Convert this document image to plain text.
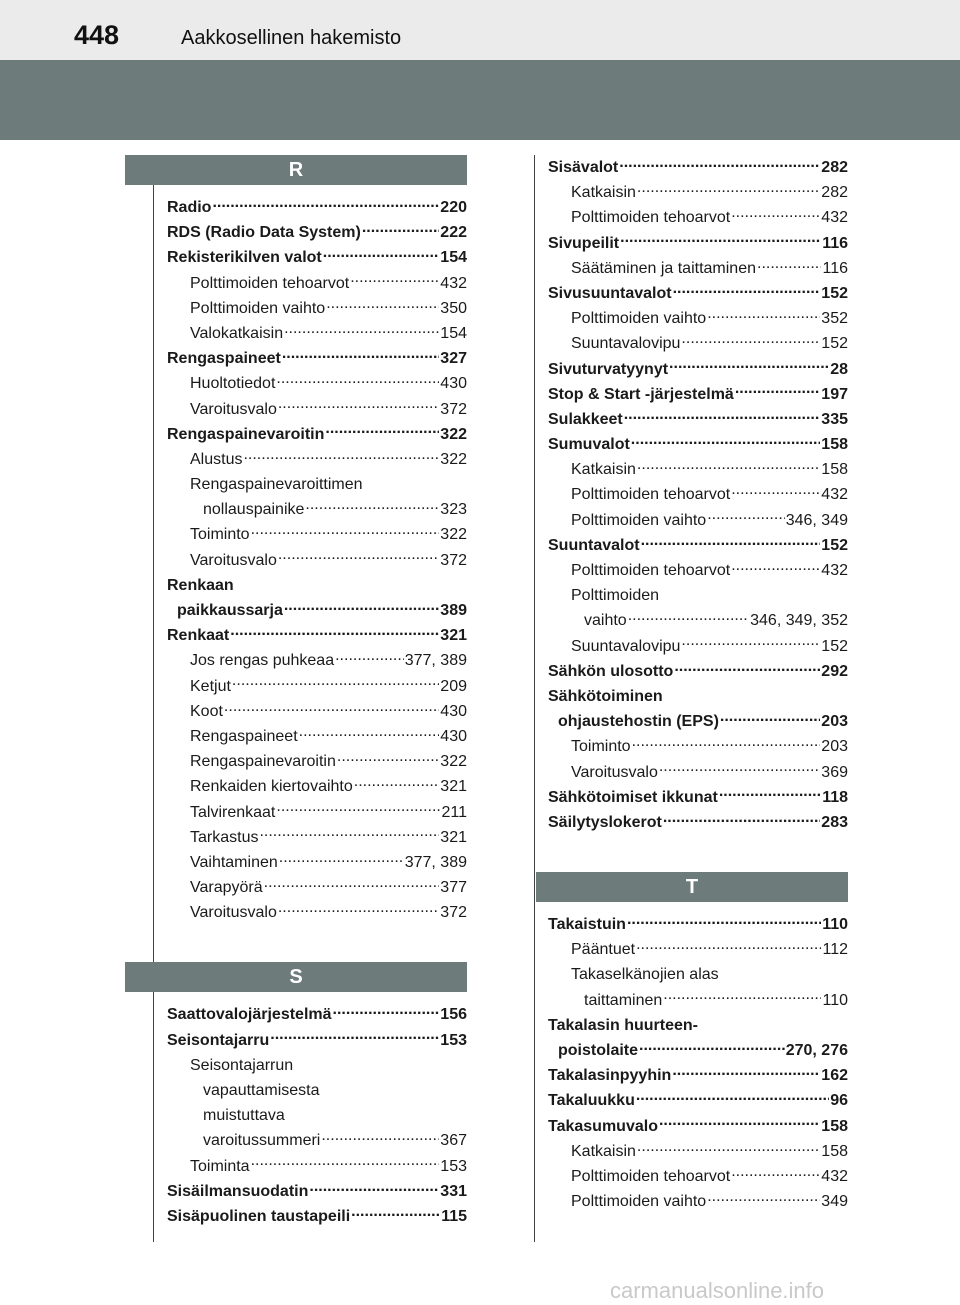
448	Aakkosellinen hakemisto
R
Radio .....	220
RDS (Radio Data System) .....	222
Rekisterikilven valot .....	154
Polttimoiden tehoarvot .....	432
Polttimoiden vaihto .....	350
Valokatkaisin .....	154
Rengaspaineet .....	327
Huoltotiedot .....	430
Varoitusvalo .....	372
Rengaspainevaroitin .....	322
Alustus .....	322
Rengaspainevaroittimen
nollauspainike .....	323
Toiminto .....	322
Varoitusvalo .....	372
Renkaan
paikkaussarja .....	389
Renkaat .....	321
Jos rengas puhkeaa .....	377, 389
Ketjut .....	209
Koot .....	430
Rengaspaineet .....	430
Rengaspainevaroitin .....	322
Renkaiden kiertovaihto .....	321
Talvirenkaat .....	211
Tarkastus .....	321
Vaihtaminen .....	377, 389
Varapyörä .....	377
Varoitusvalo .....	372
S
Saattovalojärjestelmä .....	156
Seisontajarru .....	153
Seisontajarrun
vapauttamisesta
muistuttava
varoitussummeri .....	367
Toiminta .....	153
Sisäilmansuodatin .....	331
Sisäpuolinen taustapeili .....	115
Sisävalot .....	282
Katkaisin .....	282
Polttimoiden tehoarvot .....	432
Sivupeilit .....	116
Säätäminen ja taittaminen .....	116
Sivusuuntavalot .....	152
Polttimoiden vaihto .....	352
Suuntavalovipu .....	152
Sivuturvatyynyt .....	28
Stop & Start -järjestelmä .....	197
Sulakkeet .....	335
Sumuvalot .....	158
Katkaisin .....	158
Polttimoiden tehoarvot .....	432
Polttimoiden vaihto .....	346, 349
Suuntavalot .....	152
Polttimoiden tehoarvot .....	432
Polttimoiden
vaihto .....	346, 349, 352
Suuntavalovipu .....	152
Sähkön ulosotto .....	292
Sähkötoiminen
ohjaustehostin (EPS) .....	203
Toiminto .....	203
Varoitusvalo .....	369
Sähkötoimiset ikkunat .....	118
Säilytyslokerot .....	283
T
Takaistuin .....	110
Pääntuet .....	112
Takaselkänojien alas
taittaminen .....	110
Takalasin huurteen-
poistolaite .....	270, 276
Takalasinpyyhin .....	162
Takaluukku .....	96
Takasumuvalo .....	158
Katkaisin .....	158
Polttimoiden tehoarvot .....	432
Polttimoiden vaihto .....	349
carmanualsonline.info
